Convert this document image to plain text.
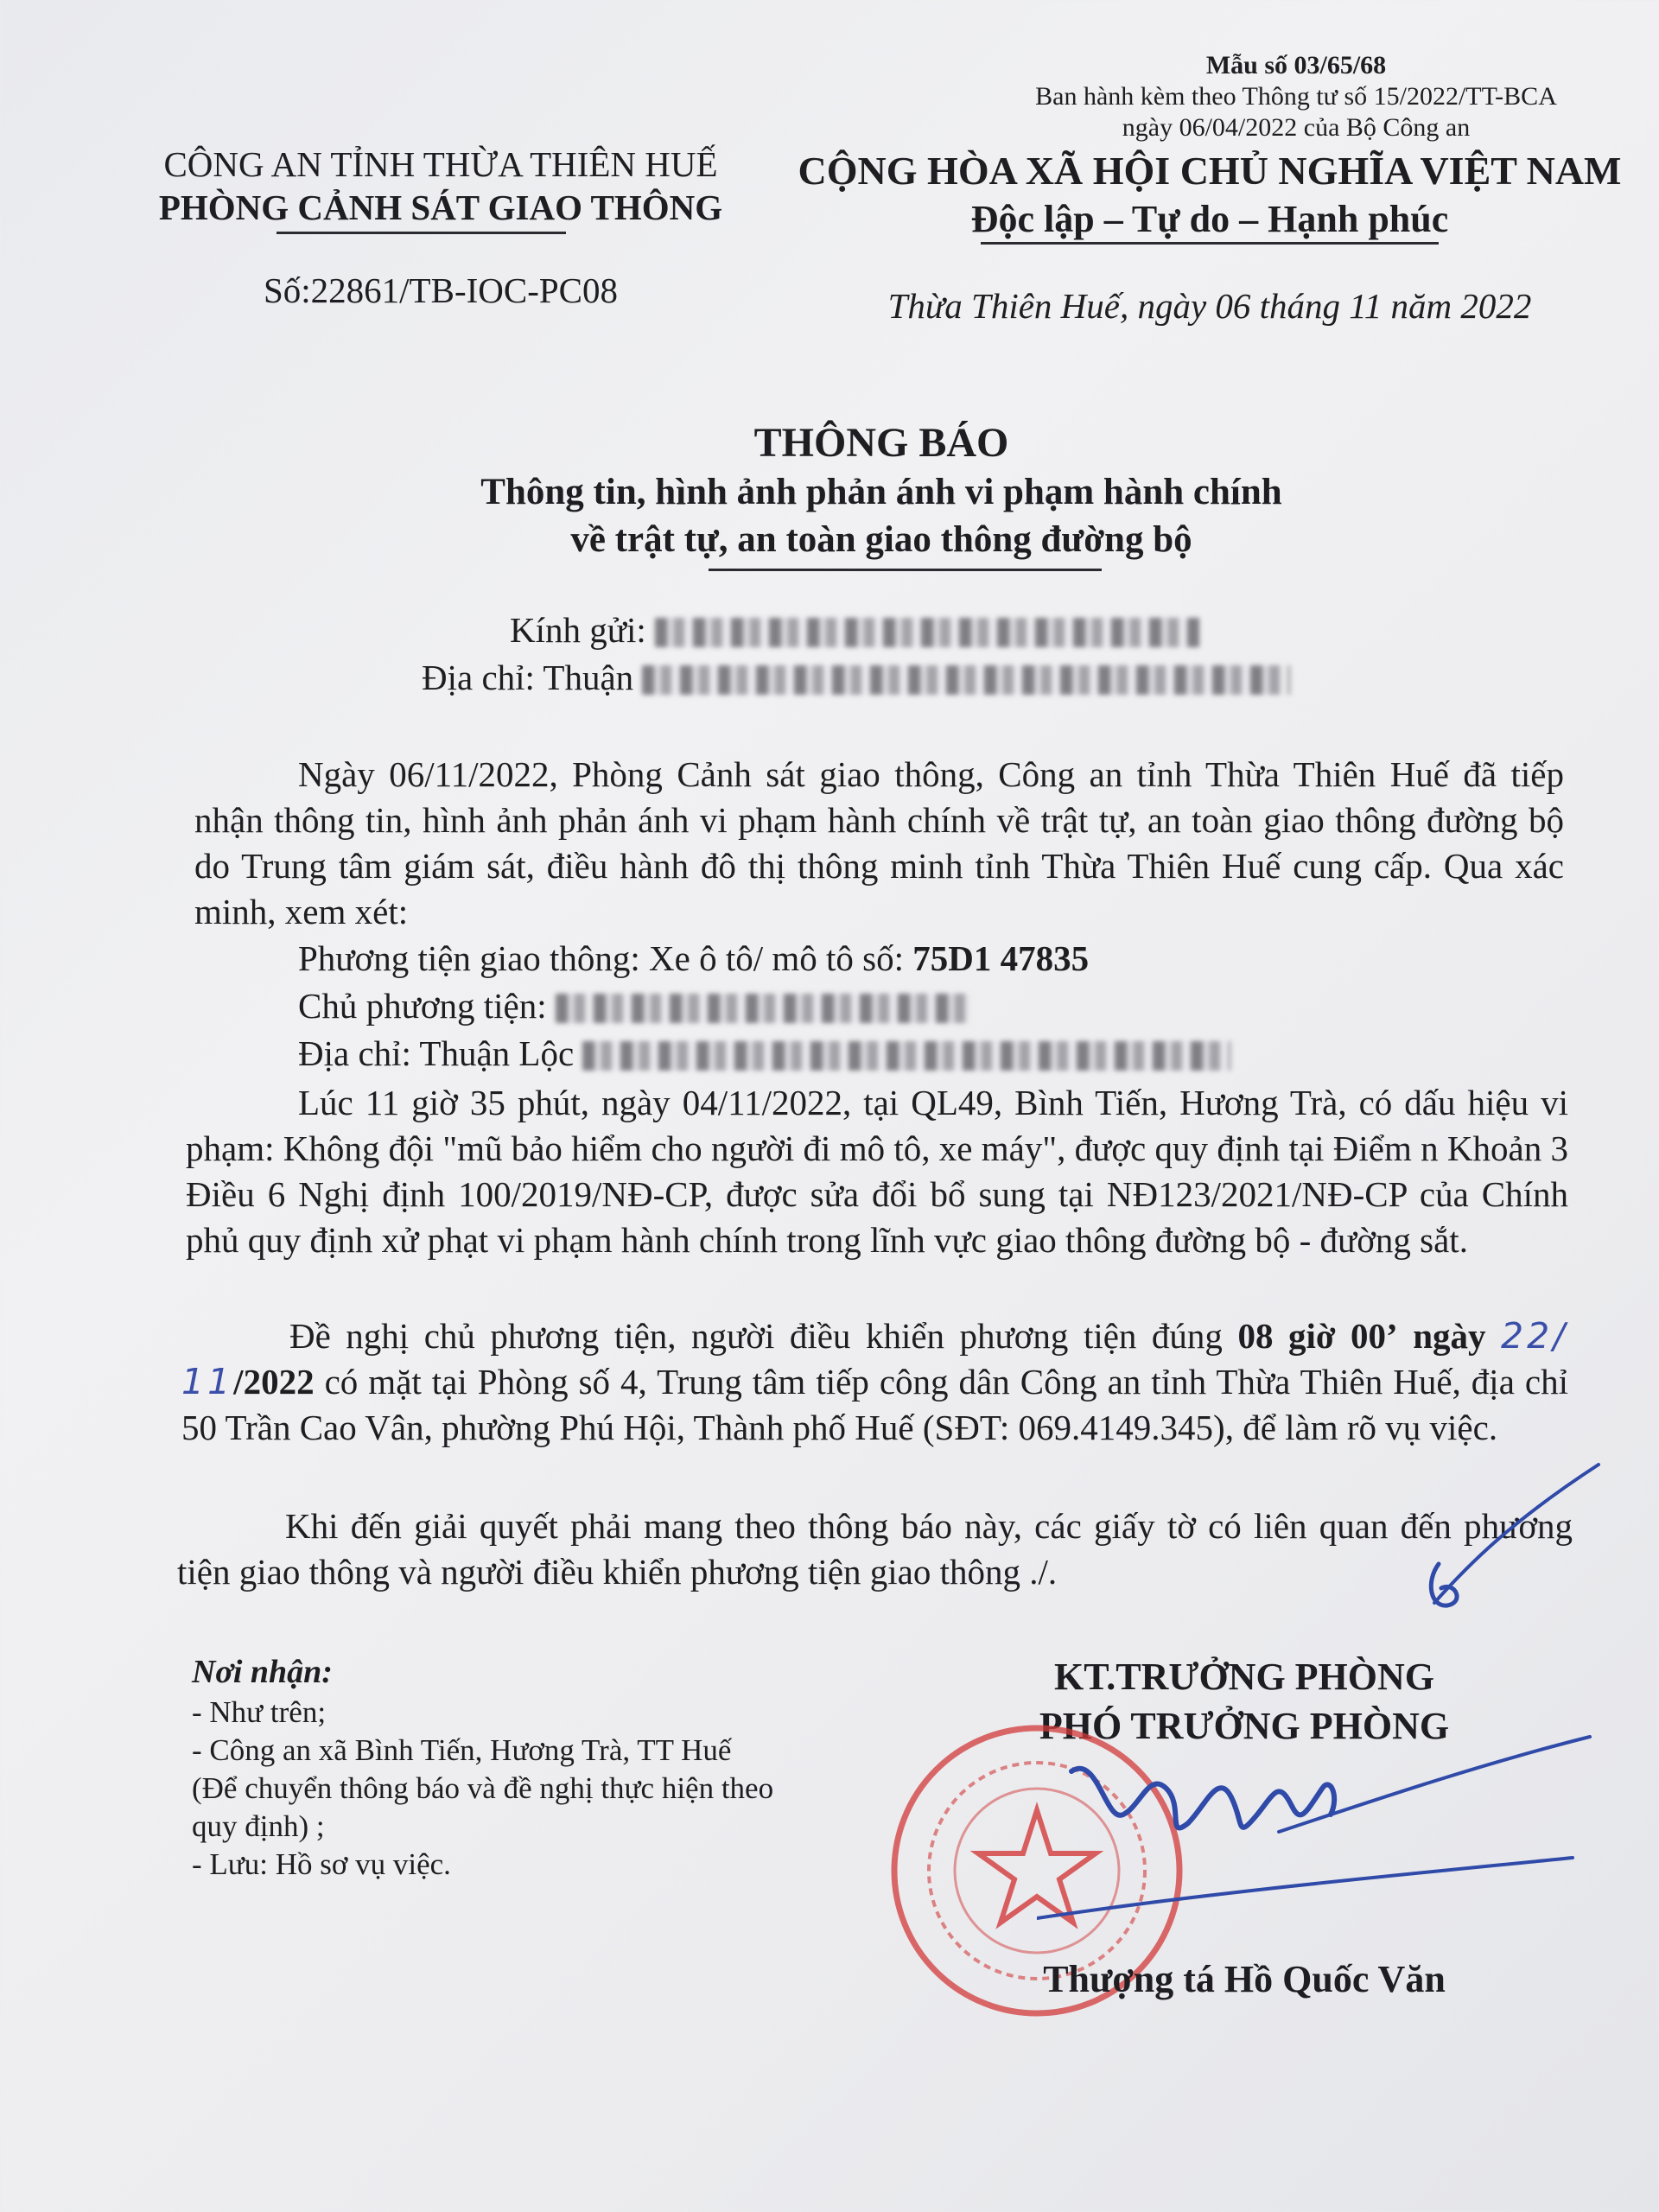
Mẫu số 03/65/68
Ban hành kèm theo Thông tư số 15/2022/TT-BCA
ngày 06/04/2022 của Bộ Công an
CÔNG AN TỈNH THỪA THIÊN HUẾ
PHÒNG CẢNH SÁT GIAO THÔNG
Số:22861/TB-IOC-PC08
CỘNG HÒA XÃ HỘI CHỦ NGHĨA VIỆT NAM
Độc lập – Tự do – Hạnh phúc
Thừa Thiên Huế, ngày 06 tháng 11 năm 2022
THÔNG BÁO
Thông tin, hình ảnh phản ánh vi phạm hành chính
về trật tự, an toàn giao thông đường bộ
Kính gửi:
Địa chỉ: Thuận
Ngày 06/11/2022, Phòng Cảnh sát giao thông, Công an tỉnh Thừa Thiên Huế đã tiếp nhận thông tin, hình ảnh phản ánh vi phạm hành chính về trật tự, an toàn giao thông đường bộ do Trung tâm giám sát, điều hành đô thị thông minh tỉnh Thừa Thiên Huế cung cấp. Qua xác minh, xem xét:
Phương tiện giao thông: Xe ô tô/ mô tô số: 75D1 47835
Chủ phương tiện:
Địa chỉ: Thuận Lộc
Lúc 11 giờ 35 phút, ngày 04/11/2022, tại QL49, Bình Tiến, Hương Trà, có dấu hiệu vi phạm: Không đội "mũ bảo hiểm cho người đi mô tô, xe máy", được quy định tại Điểm n Khoản 3 Điều 6 Nghị định 100/2019/NĐ-CP, được sửa đổi bổ sung tại NĐ123/2021/NĐ-CP của Chính phủ quy định xử phạt vi phạm hành chính trong lĩnh vực giao thông đường bộ - đường sắt.
Đề nghị chủ phương tiện, người điều khiển phương tiện đúng 08 giờ 00’ ngày 22/ 11/2022 có mặt tại Phòng số 4, Trung tâm tiếp công dân Công an tỉnh Thừa Thiên Huế, địa chỉ 50 Trần Cao Vân, phường Phú Hội, Thành phố Huế (SĐT: 069.4149.345), để làm rõ vụ việc.
Khi đến giải quyết phải mang theo thông báo này, các giấy tờ có liên quan đến phương tiện giao thông và người điều khiển phương tiện giao thông ./.
Nơi nhận:
- Như trên;
- Công an xã Bình Tiến, Hương Trà, TT Huế
(Để chuyển thông báo và đề nghị thực hiện theo
quy định) ;
- Lưu: Hồ sơ vụ việc.
KT.TRƯỞNG PHÒNG
PHÓ TRƯỞNG PHÒNG
Thượng tá Hồ Quốc Văn
